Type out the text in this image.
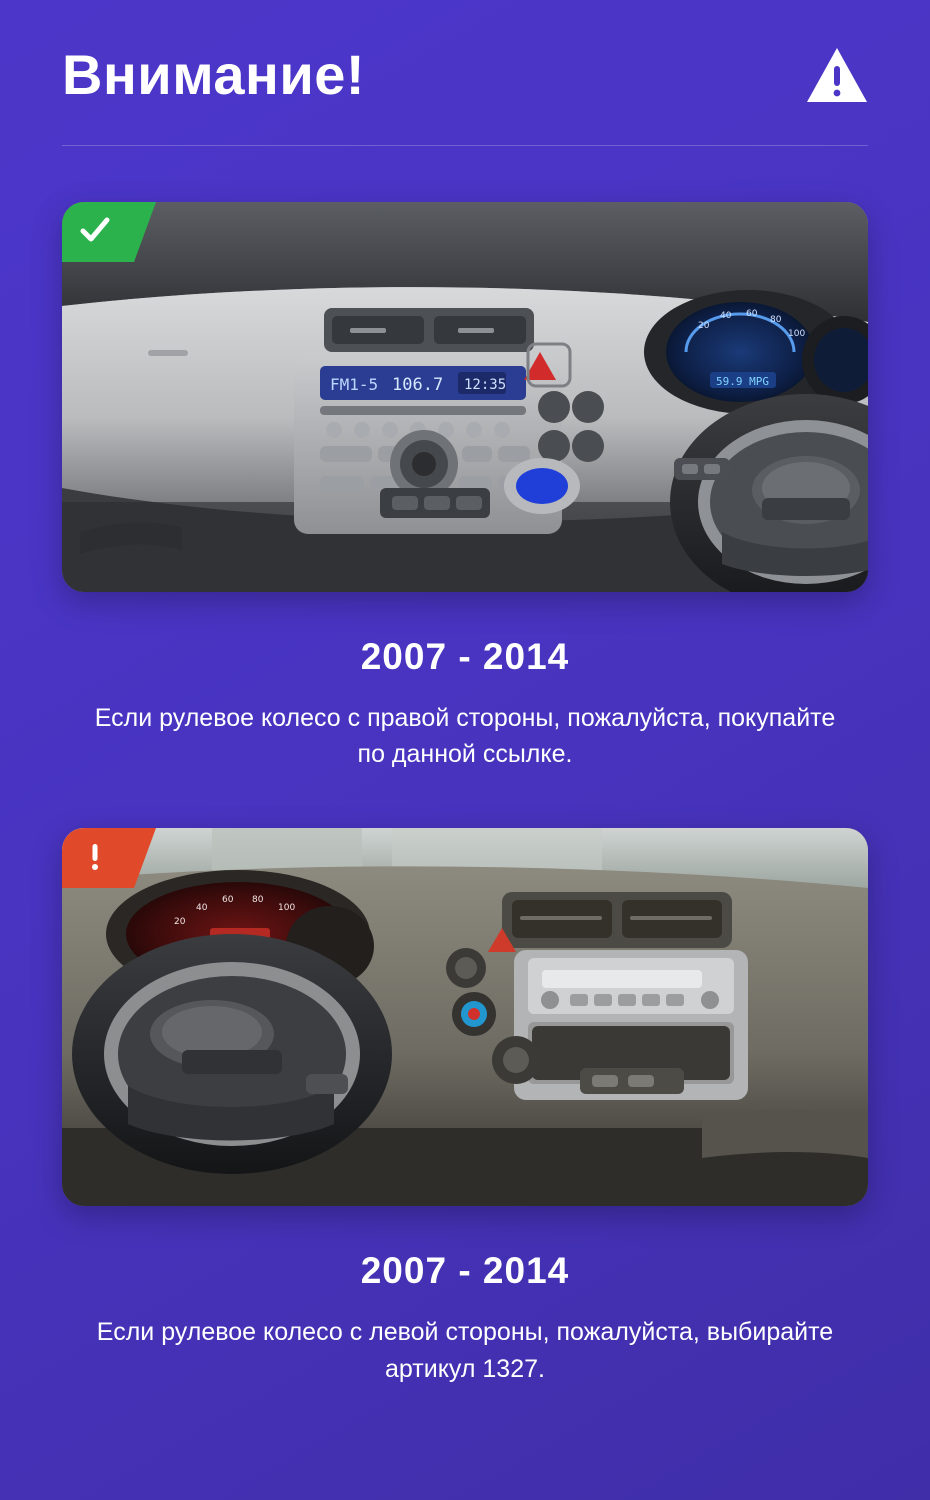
Внимание!
FM1-5 106.7 12:35
20
40 60
80
100
59.9 MPG
2007 - 2014
Если рулевое колесо с правой стороны, пожалуйста, покупайте по данной ссылке.
20
40
60 80
100
2007 - 2014
Если рулевое колесо с левой стороны, пожалуйста, выбирайте артикул 1327.
